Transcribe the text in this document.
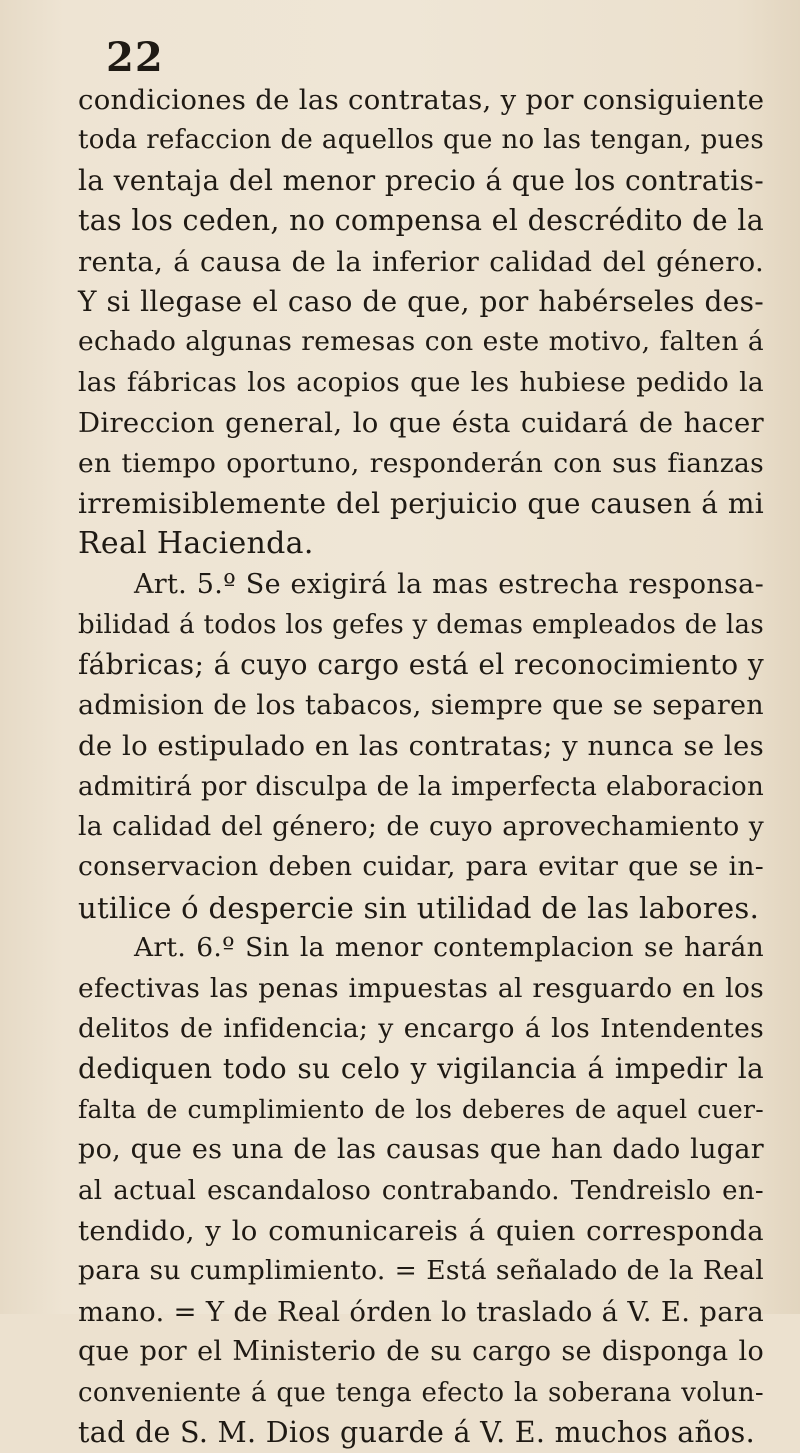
22
condiciones de las contratas, y por consiguiente
toda refaccion de aquellos que no las tengan, pues
la ventaja del menor precio á que los contratis-
tas los ceden, no compensa el descrédito de la
renta, á causa de la inferior calidad del género.
Y si llegase el caso de que, por habérseles des-
echado algunas remesas con este motivo, falten á
las fábricas los acopios que les hubiese pedido la
Direccion general, lo que ésta cuidará de hacer
en tiempo oportuno, responderán con sus fianzas
irremisiblemente del perjuicio que causen á mi
Real Hacienda.
Art. 5.º Se exigirá la mas estrecha responsa-
bilidad á todos los gefes y demas empleados de las
fábricas; á cuyo cargo está el reconocimiento y
admision de los tabacos, siempre que se separen
de lo estipulado en las contratas; y nunca se les
admitirá por disculpa de la imperfecta elaboracion
la calidad del género; de cuyo aprovechamiento y
conservacion deben cuidar, para evitar que se in-
utilice ó despercie sin utilidad de las labores.
Art. 6.º Sin la menor contemplacion se harán
efectivas las penas impuestas al resguardo en los
delitos de infidencia; y encargo á los Intendentes
dediquen todo su celo y vigilancia á impedir la
falta de cumplimiento de los deberes de aquel cuer-
po, que es una de las causas que han dado lugar
al actual escandaloso contrabando. Tendreislo en-
tendido, y lo comunicareis á quien corresponda
para su cumplimiento. = Está señalado de la Real
mano. = Y de Real órden lo traslado á V. E. para
que por el Ministerio de su cargo se disponga lo
conveniente á que tenga efecto la soberana volun-
tad de S. M. Dios guarde á V. E. muchos años.
